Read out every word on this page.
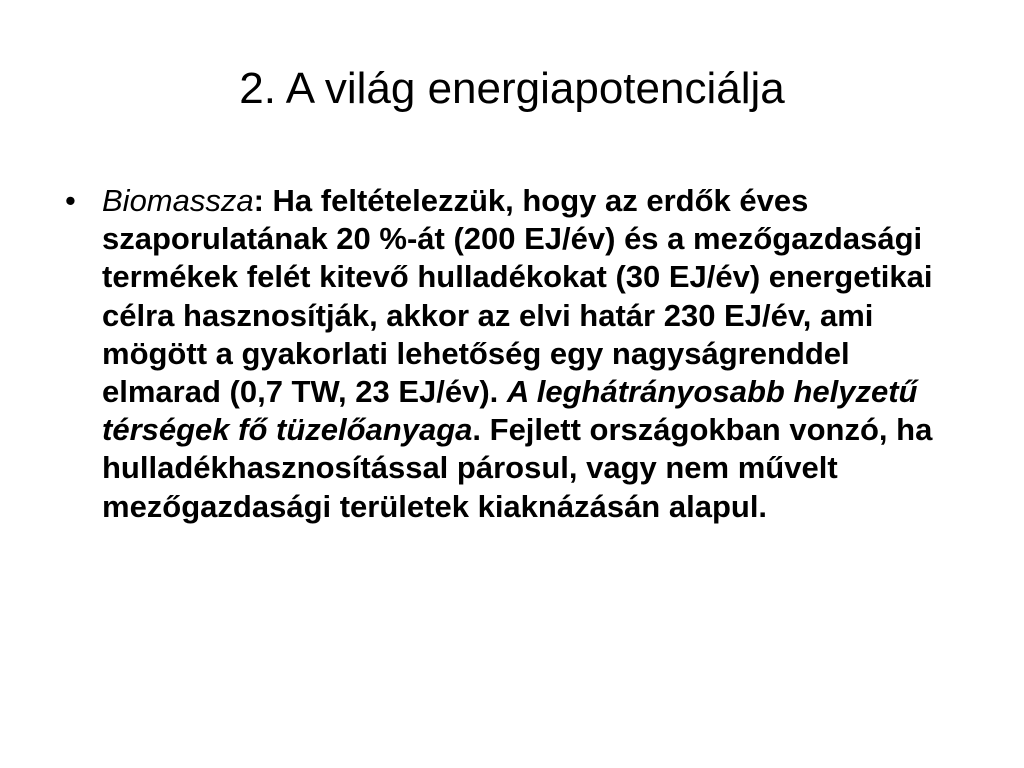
2. A világ energiapotenciálja
• Biomassza: Ha feltételezzük, hogy az erdők éves szaporulatának 20 %-át (200 EJ/év) és a mezőgazdasági termékek felét kitevő hulladékokat (30 EJ/év) energetikai célra hasznosítják, akkor az elvi határ 230 EJ/év, ami mögött a gyakorlati lehetőség egy nagyságrenddel elmarad (0,7 TW, 23 EJ/év). A leghátrányosabb helyzetű térségek fő tüzelőanyaga. Fejlett országokban vonzó, ha hulladékhasznosítással párosul, vagy nem művelt mezőgazdasági területek kiaknázásán alapul.
